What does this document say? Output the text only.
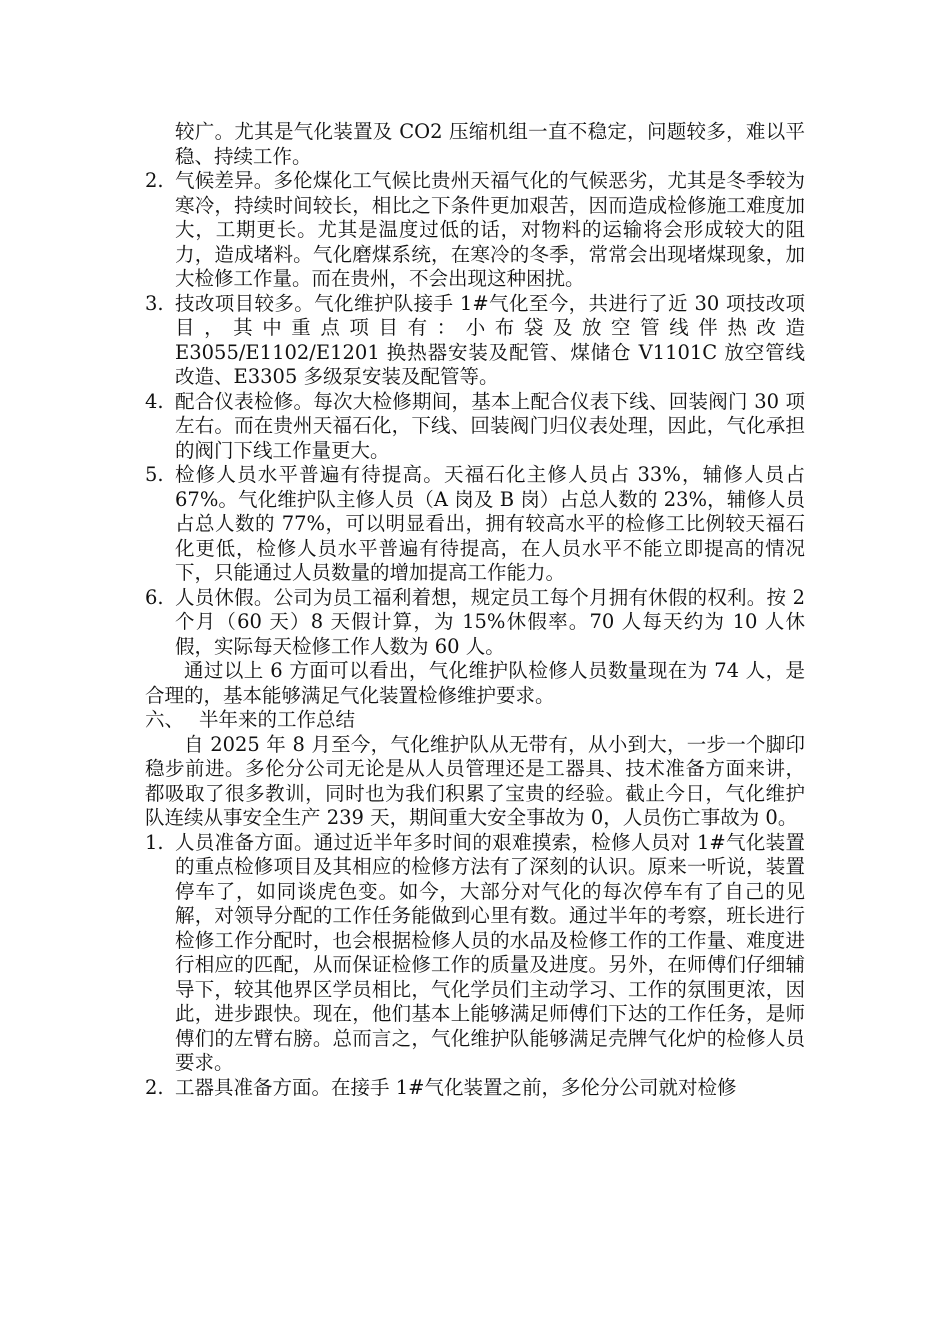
较广。尤其是气化装置及 CO2 压缩机组一直不稳定，问题较多，难以平稳、持续工作。

2. 气候差异。多伦煤化工气候比贵州天福气化的气候恶劣，尤其是冬季较为寒冷，持续时间较长，相比之下条件更加艰苦，因而造成检修施工难度加大，工期更长。尤其是温度过低的话，对物料的运输将会形成较大的阻力，造成堵料。气化磨煤系统，在寒冷的冬季，常常会出现堵煤现象，加大检修工作量。而在贵州，不会出现这种困扰。
3. 技改项目较多。气化维护队接手 1#气化至今，共进行了近 30 项技改项目，其中重点项目有：小布袋及放空管线伴热改造 E3055/E1102/E1201 换热器安装及配管、煤储仓 V1101C 放空管线改造、E3305 多级泵安装及配管等。
4. 配合仪表检修。每次大检修期间，基本上配合仪表下线、回装阀门 30 项左右。而在贵州天福石化，下线、回装阀门归仪表处理，因此，气化承担的阀门下线工作量更大。
5. 检修人员水平普遍有待提高。天福石化主修人员占 33%，辅修人员占 67%。气化维护队主修人员（A 岗及 B 岗）占总人数的 23%，辅修人员占总人数的 77%，可以明显看出，拥有较高水平的检修工比例较天福石化更低，检修人员水平普遍有待提高，在人员水平不能立即提高的情况下，只能通过人员数量的增加提高工作能力。
6. 人员休假。公司为员工福利着想，规定员工每个月拥有休假的权利。按 2 个月（60 天）8 天假计算，为 15%休假率。70 人每天约为 10 人休假，实际每天检修工作人数为 60 人。

通过以上 6 方面可以看出，气化维护队检修人员数量现在为 74 人，是合理的，基本能够满足气化装置检修维护要求。

六、 半年来的工作总结

自 2025 年 8 月至今，气化维护队从无带有，从小到大，一步一个脚印稳步前进。多伦分公司无论是从人员管理还是工器具、技术准备方面来讲，都吸取了很多教训，同时也为我们积累了宝贵的经验。截止今日，气化维护队连续从事安全生产 239 天，期间重大安全事故为 0，人员伤亡事故为 0。

1. 人员准备方面。通过近半年多时间的艰难摸索，检修人员对 1#气化装置的重点检修项目及其相应的检修方法有了深刻的认识。原来一听说，装置停车了，如同谈虎色变。如今，大部分对气化的每次停车有了自己的见解，对领导分配的工作任务能做到心里有数。通过半年的考察，班长进行检修工作分配时，也会根据检修人员的水品及检修工作的工作量、难度进行相应的匹配，从而保证检修工作的质量及进度。另外，在师傅们仔细辅导下，较其他界区学员相比，气化学员们主动学习、工作的氛围更浓，因此，进步跟快。现在，他们基本上能够满足师傅们下达的工作任务，是师傅们的左臂右膀。总而言之，气化维护队能够满足壳牌气化炉的检修人员要求。
2. 工器具准备方面。在接手 1#气化装置之前，多伦分公司就对检修
